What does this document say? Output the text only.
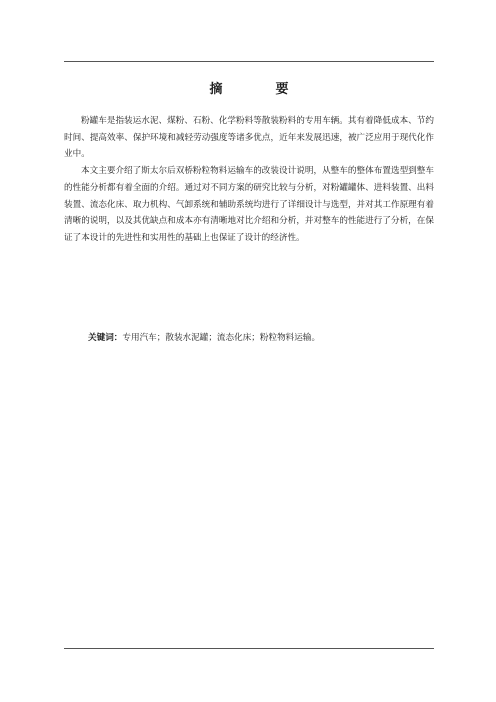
摘　要

粉罐车是指装运水泥、煤粉、石粉、化学粉料等散装粉料的专用车辆。其有着降低成本、节约时间、提高效率、保护环境和减轻劳动强度等诸多优点，近年来发展迅速，被广泛应用于现代化作业中。

本文主要介绍了斯太尔后双桥粉粒物料运输车的改装设计说明，从整车的整体布置选型到整车的性能分析都有着全面的介绍。通过对不同方案的研究比较与分析，对粉罐罐体、进料装置、出料装置、流态化床、取力机构、气卸系统和辅助系统均进行了详细设计与选型，并对其工作原理有着清晰的说明，以及其优缺点和成本亦有清晰地对比介绍和分析，并对整车的性能进行了分析，在保证了本设计的先进性和实用性的基础上也保证了设计的经济性。

关键词：专用汽车；散装水泥罐；流态化床；粉粒物料运输。
